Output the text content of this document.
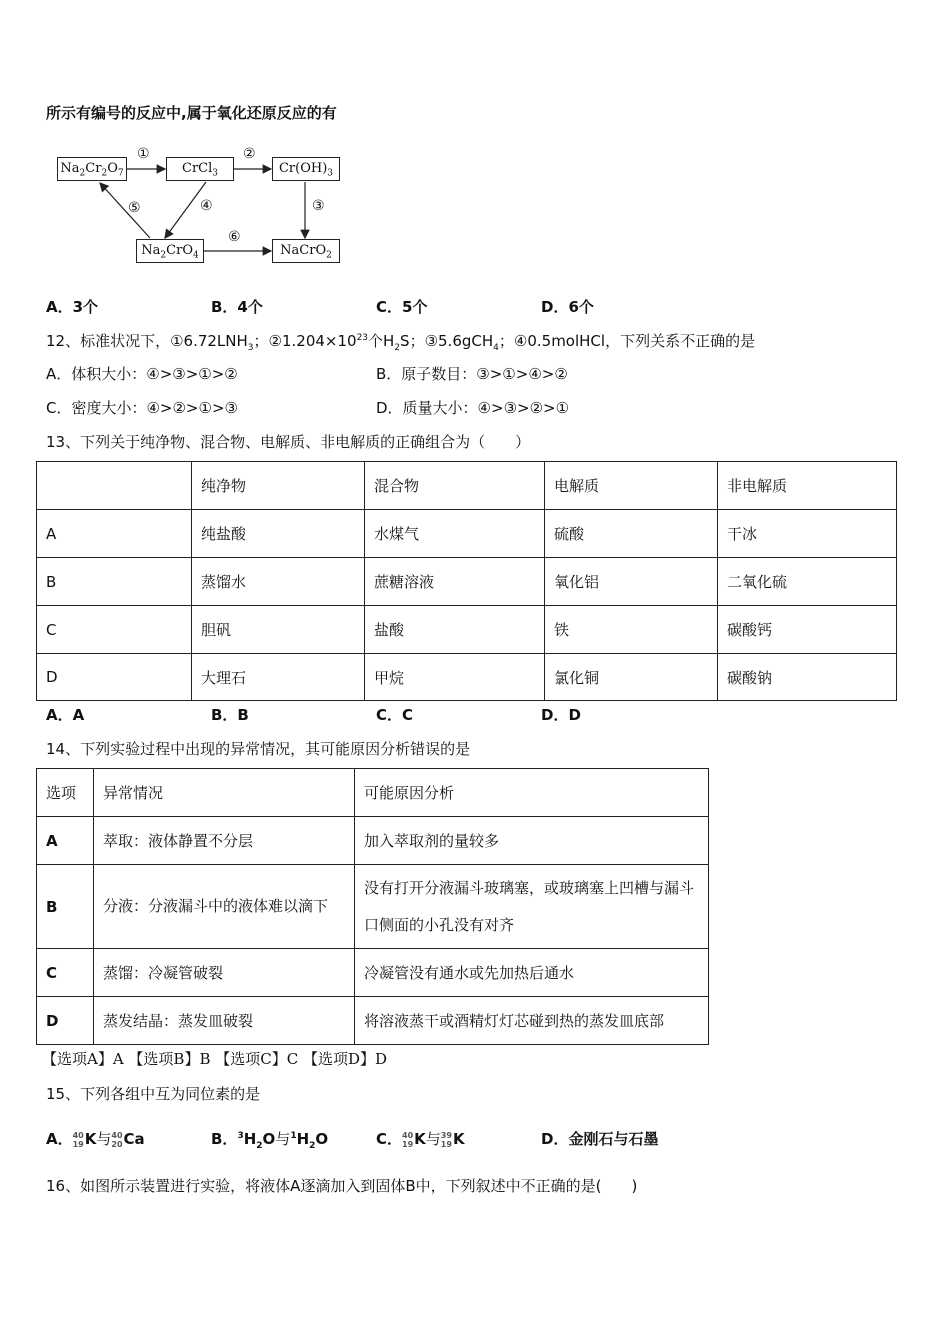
所示有编号的反应中,属于氧化还原反应的有
$Na_2Cr_2O_7$	CrCl$_3$	$Cr(OH)_3$
$Na_2CrO_4$	NaCrO$_2$
①	②
③
④
⑤
⑥
A．3个	B．4个	C．5个	D．6个
12、标准状况下，$①6.72LNH_3$；$②1.204\times 10^{23}$个$H_2S$；③5.6gCH$_4$；④0.5molHCl，下列关系不正确的是
A．体积大小：④>③>①>②	B．原子数目：③>①>④>②
C．密度大小：④>②>①>③	D．质量大小：④>③>②>①
13、下列关于纯净物、混合物、电解质、非电解质的正确组合为（　　）
	纯净物	混合物	电解质	非电解质
A	纯盐酸	水煤气	硫酸	干冰
B	蒸馏水	蔗糖溶液	氧化铝	二氧化硫
C	胆矾	盐酸	铁	碳酸钙
D	大理石	甲烷	氯化铜	碳酸钠
A．A	B．B	C．C	D．D
14、下列实验过程中出现的异常情况，其可能原因分析错误的是
选项	异常情况	可能原因分析
A	萃取：液体静置不分层	加入萃取剂的量较多
B	分液：分液漏斗中的液体难以滴下	没有打开分液漏斗玻璃塞，或玻璃塞上凹槽与漏斗口侧面的小孔没有对齐
C	蒸馏：冷凝管破裂	冷凝管没有通水或先加热后通水
D	蒸发结晶：蒸发皿破裂	将溶液蒸干或酒精灯灯芯碰到热的蒸发皿底部
【选项A】A 【选项B】B 【选项C】C 【选项D】D
15、下列各组中互为同位素的是
A． 40
19 K与 40
20 Ca	B．$^3H_2O$与$^1H_2O$	C． 40
19 K与 39
19 K	D．金刚石与石墨
16、如图所示装置进行实验，将液体A逐滴加入到固体B中，下列叙述中不正确的是(　　)
